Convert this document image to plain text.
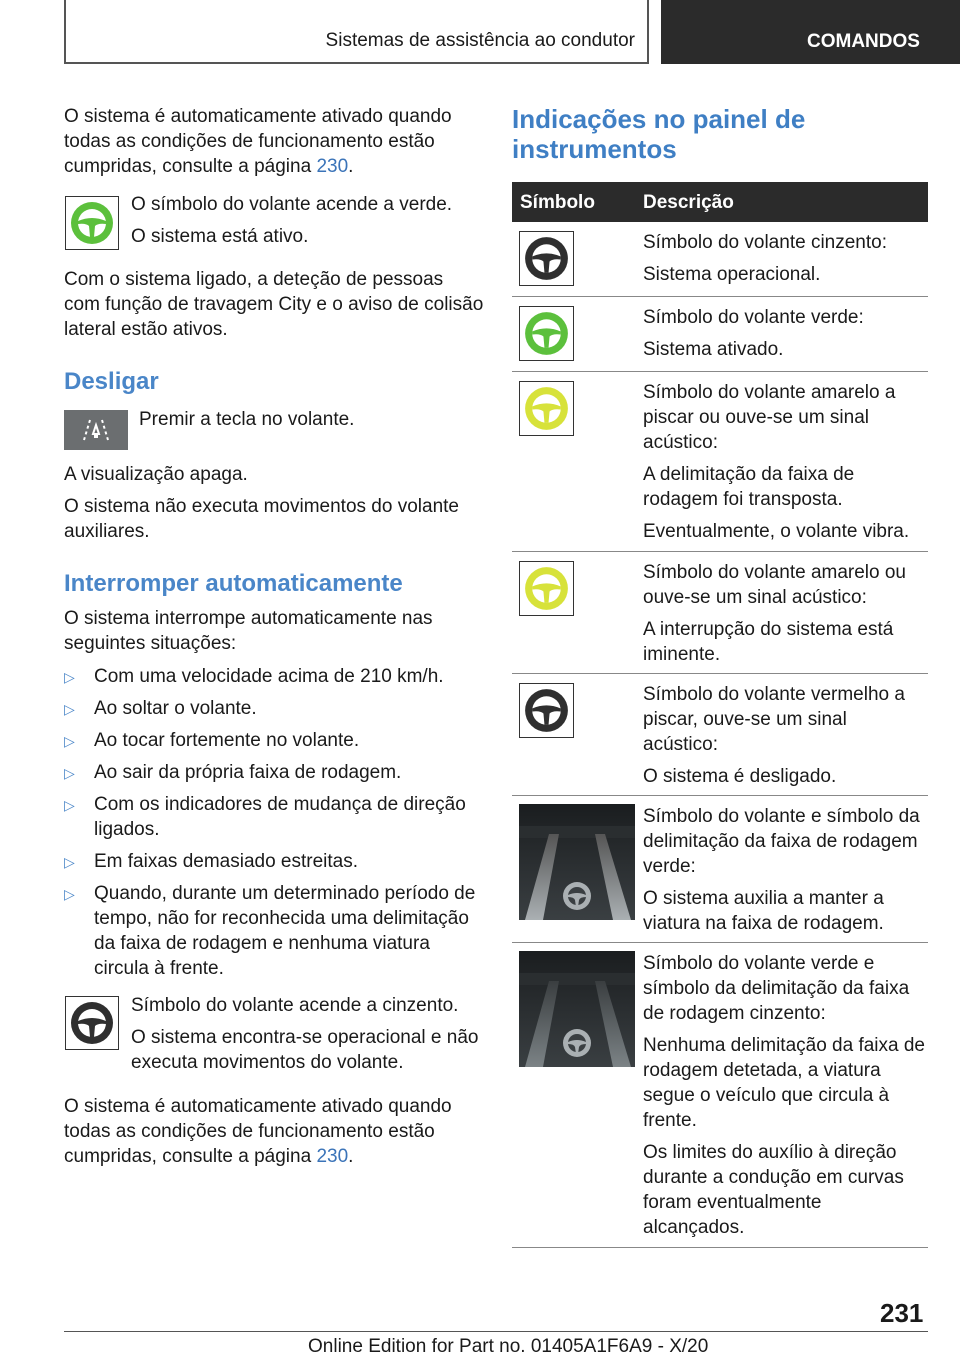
Sistemas de assistência ao condutor	COMANDOS
O sistema é automaticamente ativado quando todas as condições de funcionamento estão cumpridas, consulte a página 230.
O símbolo do volante acende a verde.
O sistema está ativo.
Com o sistema ligado, a deteção de pessoas com função de travagem City e o aviso de colisão lateral estão ativos.
Desligar
Premir a tecla no volante.
A visualização apaga.
O sistema não executa movimentos do volante auxiliares.
Interromper automaticamente
O sistema interrompe automaticamente nas seguintes situações:
▷ Com uma velocidade acima de 210 km/h.
▷ Ao soltar o volante.
▷ Ao tocar fortemente no volante.
▷ Ao sair da própria faixa de rodagem.
▷ Com os indicadores de mudança de direção ligados.
▷ Em faixas demasiado estreitas.
▷ Quando, durante um determinado período de tempo, não for reconhecida uma delimitação da faixa de rodagem e nenhuma viatura circula à frente.
Símbolo do volante acende a cinzento.
O sistema encontra-se operacional e não executa movimentos do volante.
O sistema é automaticamente ativado quando todas as condições de funcionamento estão cumpridas, consulte a página 230.
Indicações no painel de instrumentos
Símbolo	Descrição

Símbolo do volante cinzento:

Sistema operacional.

Símbolo do volante verde:

Sistema ativado.

Símbolo do volante amarelo a piscar ou ouve-se um sinal acústico:

A delimitação da faixa de rodagem foi transposta.

Eventualmente, o volante vibra.

Símbolo do volante amarelo ou ouve-se um sinal acústico:

A interrupção do sistema está iminente.

Símbolo do volante vermelho a piscar, ouve-se um sinal acústico:

O sistema é desligado.

Símbolo do volante e símbolo da delimitação da faixa de rodagem verde:

O sistema auxilia a manter a viatura na faixa de rodagem.

Símbolo do volante verde e símbolo da delimitação da faixa de rodagem cinzento:

Nenhuma delimitação da faixa de rodagem detetada, a viatura segue o veículo que circula à frente.

Os limites do auxílio à direção durante a condução em curvas foram eventualmente alcançados.

231
Online Edition for Part no. 01405A1F6A9 - X/20
